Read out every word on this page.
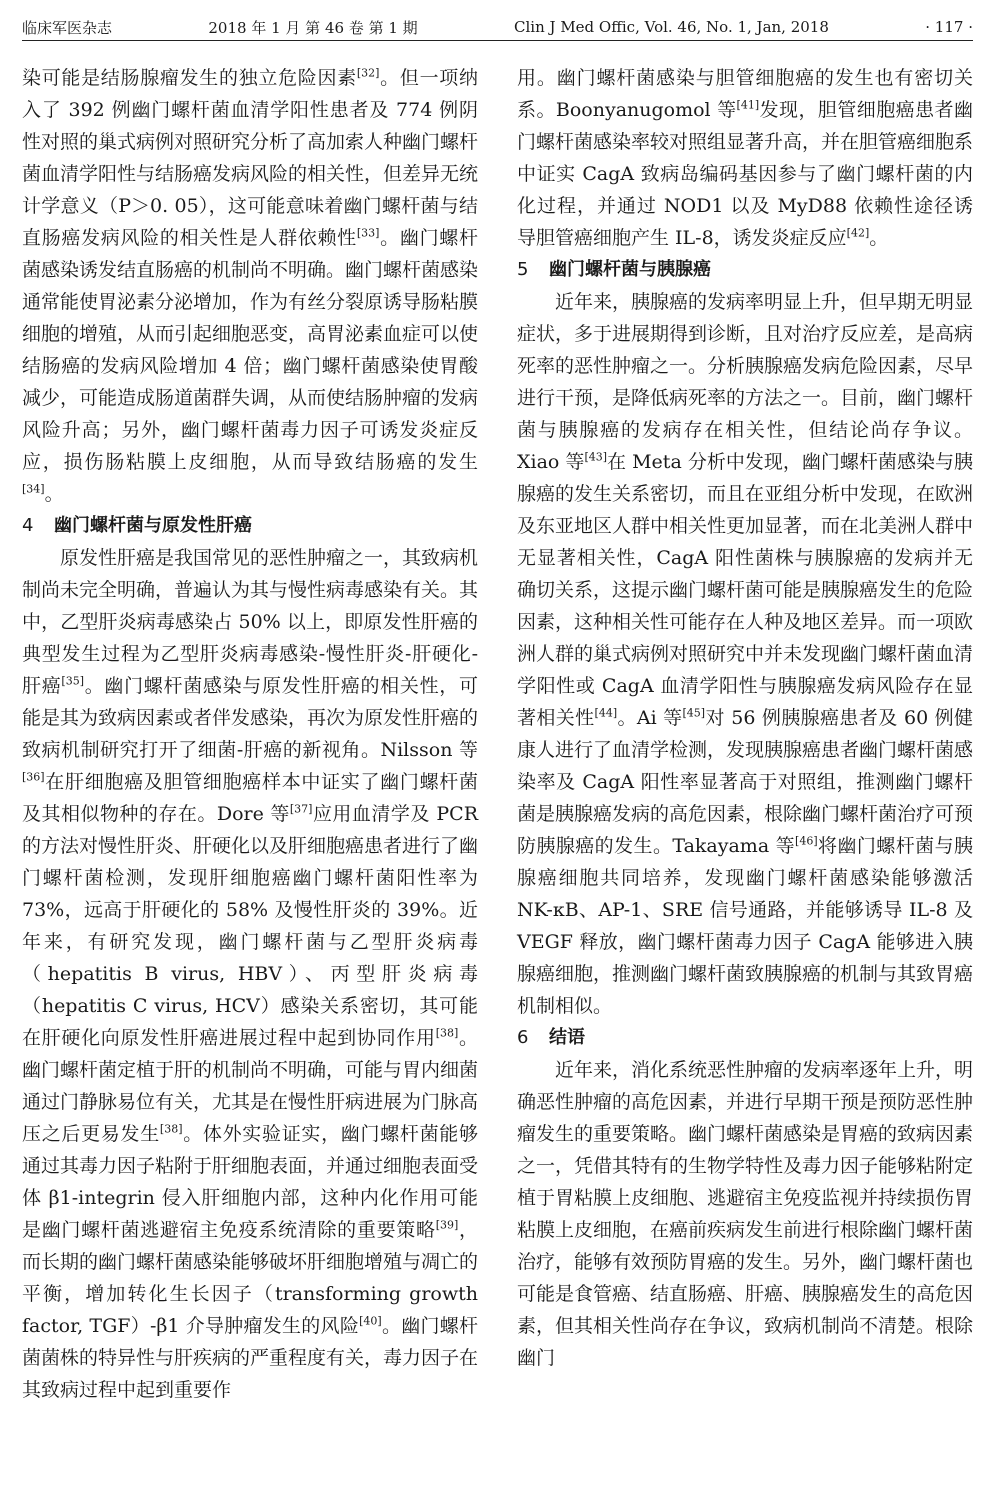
临床军医杂志	2018 年 1 月 第 46 卷 第 1 期	Clin J Med Offic, Vol. 46, No. 1, Jan, 2018	· 117 ·

染可能是结肠腺瘤发生的独立危险因素[32]。但一项纳入了 392 例幽门螺杆菌血清学阳性患者及 774 例阴性对照的巢式病例对照研究分析了高加索人种幽门螺杆菌血清学阳性与结肠癌发病风险的相关性，但差异无统计学意义（P＞0. 05），这可能意味着幽门螺杆菌与结直肠癌发病风险的相关性是人群依赖性[33]。幽门螺杆菌感染诱发结直肠癌的机制尚不明确。幽门螺杆菌感染通常能使胃泌素分泌增加，作为有丝分裂原诱导肠粘膜细胞的增殖，从而引起细胞恶变，高胃泌素血症可以使结肠癌的发病风险增加 4 倍；幽门螺杆菌感染使胃酸减少，可能造成肠道菌群失调，从而使结肠肿瘤的发病风险升高；另外，幽门螺杆菌毒力因子可诱发炎症反应，损伤肠粘膜上皮细胞，从而导致结肠癌的发生[34]。

4 幽门螺杆菌与原发性肝癌

原发性肝癌是我国常见的恶性肿瘤之一，其致病机制尚未完全明确，普遍认为其与慢性病毒感染有关。其中，乙型肝炎病毒感染占 50% 以上，即原发性肝癌的典型发生过程为乙型肝炎病毒感染-慢性肝炎-肝硬化-肝癌[35]。幽门螺杆菌感染与原发性肝癌的相关性，可能是其为致病因素或者伴发感染，再次为原发性肝癌的致病机制研究打开了细菌-肝癌的新视角。Nilsson 等[36]在肝细胞癌及胆管细胞癌样本中证实了幽门螺杆菌及其相似物种的存在。Dore 等[37]应用血清学及 PCR 的方法对慢性肝炎、肝硬化以及肝细胞癌患者进行了幽门螺杆菌检测，发现肝细胞癌幽门螺杆菌阳性率为 73%，远高于肝硬化的 58% 及慢性肝炎的 39%。近年来，有研究发现，幽门螺杆菌与乙型肝炎病毒（hepatitis B virus, HBV）、丙型肝炎病毒（hepatitis C virus, HCV）感染关系密切，其可能在肝硬化向原发性肝癌进展过程中起到协同作用[38]。幽门螺杆菌定植于肝的机制尚不明确，可能与胃内细菌通过门静脉易位有关，尤其是在慢性肝病进展为门脉高压之后更易发生[38]。体外实验证实，幽门螺杆菌能够通过其毒力因子粘附于肝细胞表面，并通过细胞表面受体 β1-integrin 侵入肝细胞内部，这种内化作用可能是幽门螺杆菌逃避宿主免疫系统清除的重要策略[39]，而长期的幽门螺杆菌感染能够破坏肝细胞增殖与凋亡的平衡，增加转化生长因子（transforming growth factor, TGF）-β1 介导肿瘤发生的风险[40]。幽门螺杆菌菌株的特异性与肝疾病的严重程度有关，毒力因子在其致病过程中起到重要作

用。幽门螺杆菌感染与胆管细胞癌的发生也有密切关系。Boonyanugomol 等[41]发现，胆管细胞癌患者幽门螺杆菌感染率较对照组显著升高，并在胆管癌细胞系中证实 CagA 致病岛编码基因参与了幽门螺杆菌的内化过程，并通过 NOD1 以及 MyD88 依赖性途径诱导胆管癌细胞产生 IL-8，诱发炎症反应[42]。

5 幽门螺杆菌与胰腺癌

近年来，胰腺癌的发病率明显上升，但早期无明显症状，多于进展期得到诊断，且对治疗反应差，是高病死率的恶性肿瘤之一。分析胰腺癌发病危险因素，尽早进行干预，是降低病死率的方法之一。目前，幽门螺杆菌与胰腺癌的发病存在相关性，但结论尚存争议。Xiao 等[43]在 Meta 分析中发现，幽门螺杆菌感染与胰腺癌的发生关系密切，而且在亚组分析中发现，在欧洲及东亚地区人群中相关性更加显著，而在北美洲人群中无显著相关性，CagA 阳性菌株与胰腺癌的发病并无确切关系，这提示幽门螺杆菌可能是胰腺癌发生的危险因素，这种相关性可能存在人种及地区差异。而一项欧洲人群的巢式病例对照研究中并未发现幽门螺杆菌血清学阳性或 CagA 血清学阳性与胰腺癌发病风险存在显著相关性[44]。Ai 等[45]对 56 例胰腺癌患者及 60 例健康人进行了血清学检测，发现胰腺癌患者幽门螺杆菌感染率及 CagA 阳性率显著高于对照组，推测幽门螺杆菌是胰腺癌发病的高危因素，根除幽门螺杆菌治疗可预防胰腺癌的发生。Takayama 等[46]将幽门螺杆菌与胰腺癌细胞共同培养，发现幽门螺杆菌感染能够激活 NK-κB、AP-1、SRE 信号通路，并能够诱导 IL-8 及 VEGF 释放，幽门螺杆菌毒力因子 CagA 能够进入胰腺癌细胞，推测幽门螺杆菌致胰腺癌的机制与其致胃癌机制相似。

6 结语

近年来，消化系统恶性肿瘤的发病率逐年上升，明确恶性肿瘤的高危因素，并进行早期干预是预防恶性肿瘤发生的重要策略。幽门螺杆菌感染是胃癌的致病因素之一，凭借其特有的生物学特性及毒力因子能够粘附定植于胃粘膜上皮细胞、逃避宿主免疫监视并持续损伤胃粘膜上皮细胞，在癌前疾病发生前进行根除幽门螺杆菌治疗，能够有效预防胃癌的发生。另外，幽门螺杆菌也可能是食管癌、结直肠癌、肝癌、胰腺癌发生的高危因素，但其相关性尚存在争议，致病机制尚不清楚。根除幽门
